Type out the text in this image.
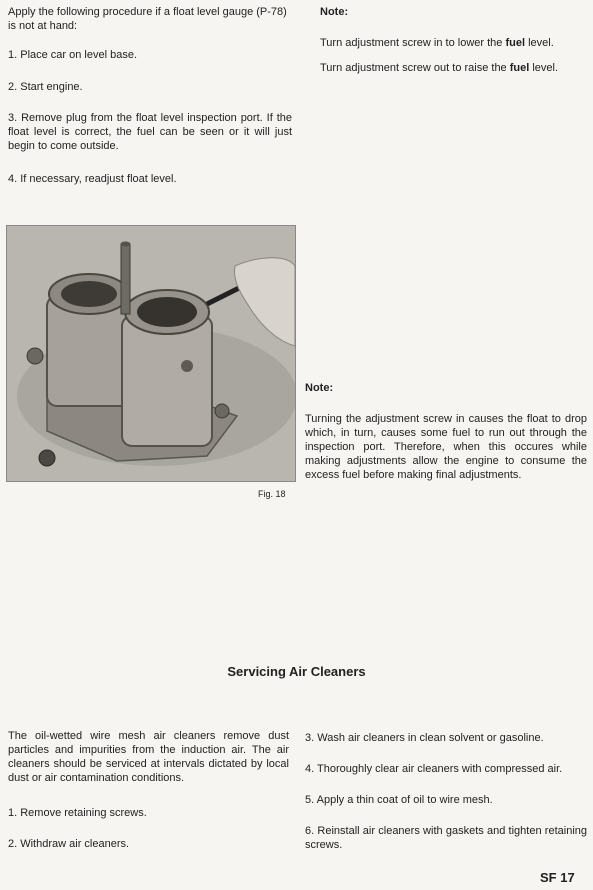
Apply the following procedure if a float level gauge (P-78) is not at hand:

1. Place car on level base.

2. Start engine.

3. Remove plug from the float level inspection port. If the float level is correct, the fuel can be seen or it will just begin to come outside.

4. If necessary, readjust float level.

Note:

Turn adjustment screw in to lower the fuel level.

Turn adjustment screw out to raise the fuel level.

Fig. 18

Note:

Turning the adjustment screw in causes the float to drop which, in turn, causes some fuel to run out through the inspection port. Therefore, when this occures while making adjustments allow the engine to consume the excess fuel before making final adjustments.

Servicing Air Cleaners

The oil-wetted wire mesh air cleaners remove dust particles and impurities from the induction air. The air cleaners should be serviced at intervals dictated by local dust or air contamination conditions.

1. Remove retaining screws.

2. Withdraw air cleaners.

3. Wash air cleaners in clean solvent or gasoline.

4. Thoroughly clear air cleaners with compressed air.

5. Apply a thin coat of oil to wire mesh.

6. Reinstall air cleaners with gaskets and tighten retaining screws.

SF 17
